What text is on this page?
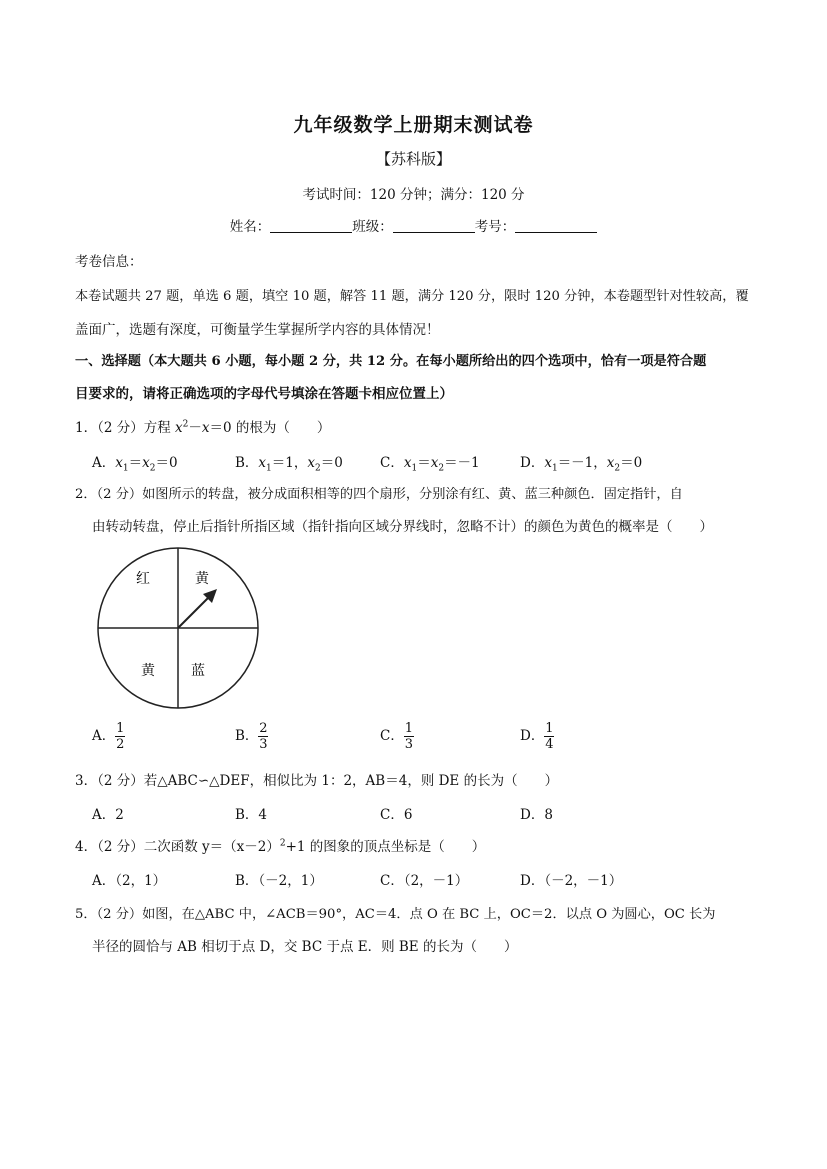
九年级数学上册期末测试卷
【苏科版】
考试时间：120 分钟；满分：120 分
姓名：	班级：	考号：
考卷信息：
本卷试题共 27 题，单选 6 题，填空 10 题，解答 11 题，满分 120 分，限时 120 分钟，本卷题型针对性较高，覆
盖面广，选题有深度，可衡量学生掌握所学内容的具体情况！
一、选择题（本大题共 6 小题，每小题 2 分，共 12 分。在每小题所给出的四个选项中，恰有一项是符合题
目要求的，请将正确选项的字母代号填涂在答题卡相应位置上）
1．（2 分）方程 $x^2-x=0$ 的根为（　　）
A．$x_1=x_2=0$	B．$x_1=1$，$x_2=0$	C．$x_1=x_2=-1$	D．$x_1=-1$，$x_2=0$
2．（2 分）如图所示的转盘，被分成面积相等的四个扇形，分别涂有红、黄、蓝三种颜色．固定指针，自
由转动转盘，停止后指针所指区域（指针指向区域分界线时，忽略不计）的颜色为黄色的概率是（　　）
红	黄
黄	蓝
A． $\frac{1}{2}$	B． $\frac{2}{3}$	C． $\frac{1}{3}$	D． $\frac{1}{4}$
3．（2 分）若△ABC∽△DEF，相似比为 1：2，AB＝4，则 DE 的长为（　　）
A．2	B．4	C．6	D．8
4．（2 分）二次函数 $y=(x-2)^2+1$ 的图象的顶点坐标是（　　）
A．（2，1）	B．（－2，1）	C．（2，－1）	D．（－2，－1）
5．（2 分）如图，在△ABC 中，∠ACB＝90°，AC＝4．点 O 在 BC 上，OC＝2．以点 O 为圆心，OC 长为
半径的圆恰与 AB 相切于点 D，交 BC 于点 E．则 BE 的长为（　　）
